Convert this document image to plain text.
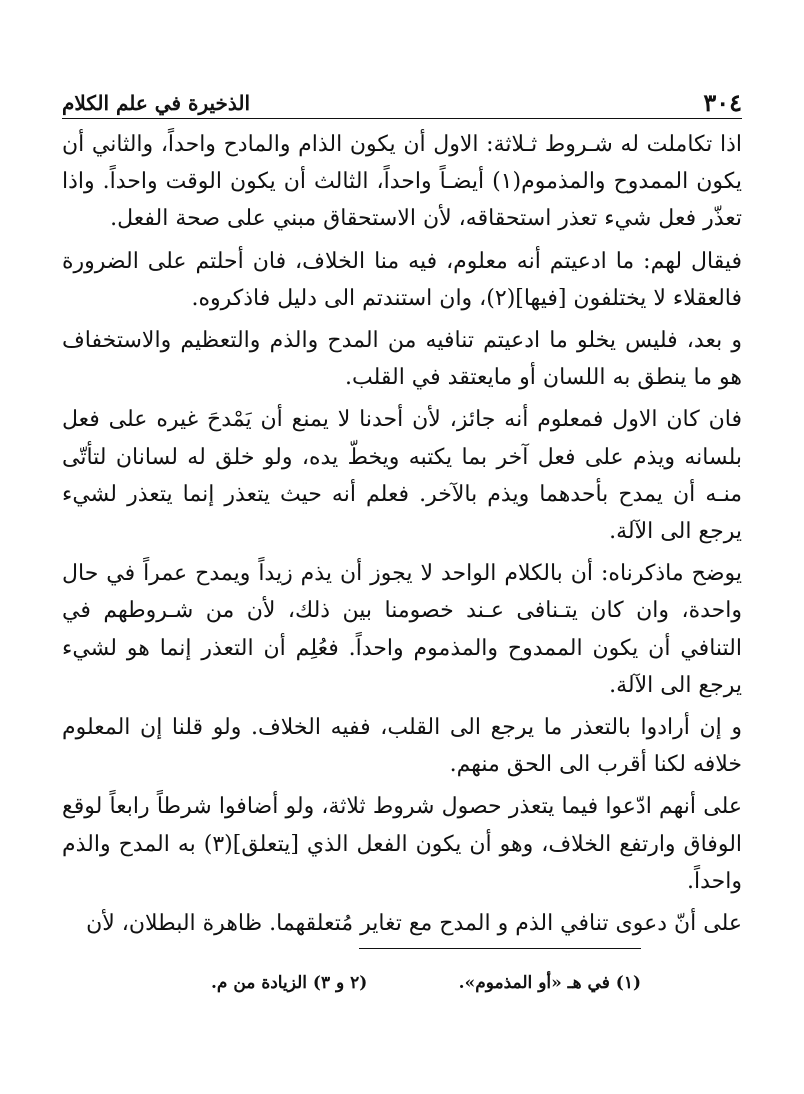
٣٠٤
الذخيرة في علم الكلام

اذا تكاملت له شـروط ثـلاثة: الاول أن يكون الذام والمادح واحداً، والثاني أن يكون الممدوح والمذموم(١) أيضـاً واحداً، الثالث أن يكون الوقت واحداً. واذا تعذّر فعل شيء تعذر استحقاقه، لأن الاستحقاق مبني على صحة الفعل.

فيقال لهم: ما ادعيتم أنه معلوم، فيه منا الخلاف، فان أحلتم على الضرورة فالعقلاء لا يختلفون [فيها](٢)، وان استندتم الى دليل فاذكروه.

و بعد، فليس يخلو ما ادعيتم تنافيه من المدح والذم والتعظيم والاستخفاف هو ما ينطق به اللسان أو مايعتقد في القلب.

فان كان الاول فمعلوم أنه جائز، لأن أحدنا لا يمنع أن يَمْدحَ غيره على فعل بلسانه ويذم على فعل آخر بما يكتبه ويخطّ يده، ولو خلق له لسانان لتأتّى منـه أن يمدح بأحدهما ويذم بالآخر. فعلم أنه حيث يتعذر إنما يتعذر لشيء يرجع الى الآلة.

يوضح ماذكرناه: أن بالكلام الواحد لا يجوز أن يذم زيداً ويمدح عمراً في حال واحدة، وان كان يتـنافى عـند خصومنا بين ذلك، لأن من شـروطهم في التنافي أن يكون الممدوح والمذموم واحداً. فعُلِم أن التعذر إنما هو لشيء يرجع الى الآلة.

و إن أرادوا بالتعذر ما يرجع الى القلب، ففيه الخلاف. ولو قلنا إن المعلوم خلافه لكنا أقرب الى الحق منهم.

على أنهم ادّعوا فيما يتعذر حصول شروط ثلاثة، ولو أضافوا شرطاً رابعاً لوقع الوفاق وارتفع الخلاف، وهو أن يكون الفعل الذي [يتعلق](٣) به المدح والذم واحداً.

على أنّ دعوى تنافي الذم و المدح مع تغاير مُتعلقهما. ظاهرة البطلان، لأن

(١) في هـ «أو المذموم».
(٢ و ٣) الزيادة من م.
